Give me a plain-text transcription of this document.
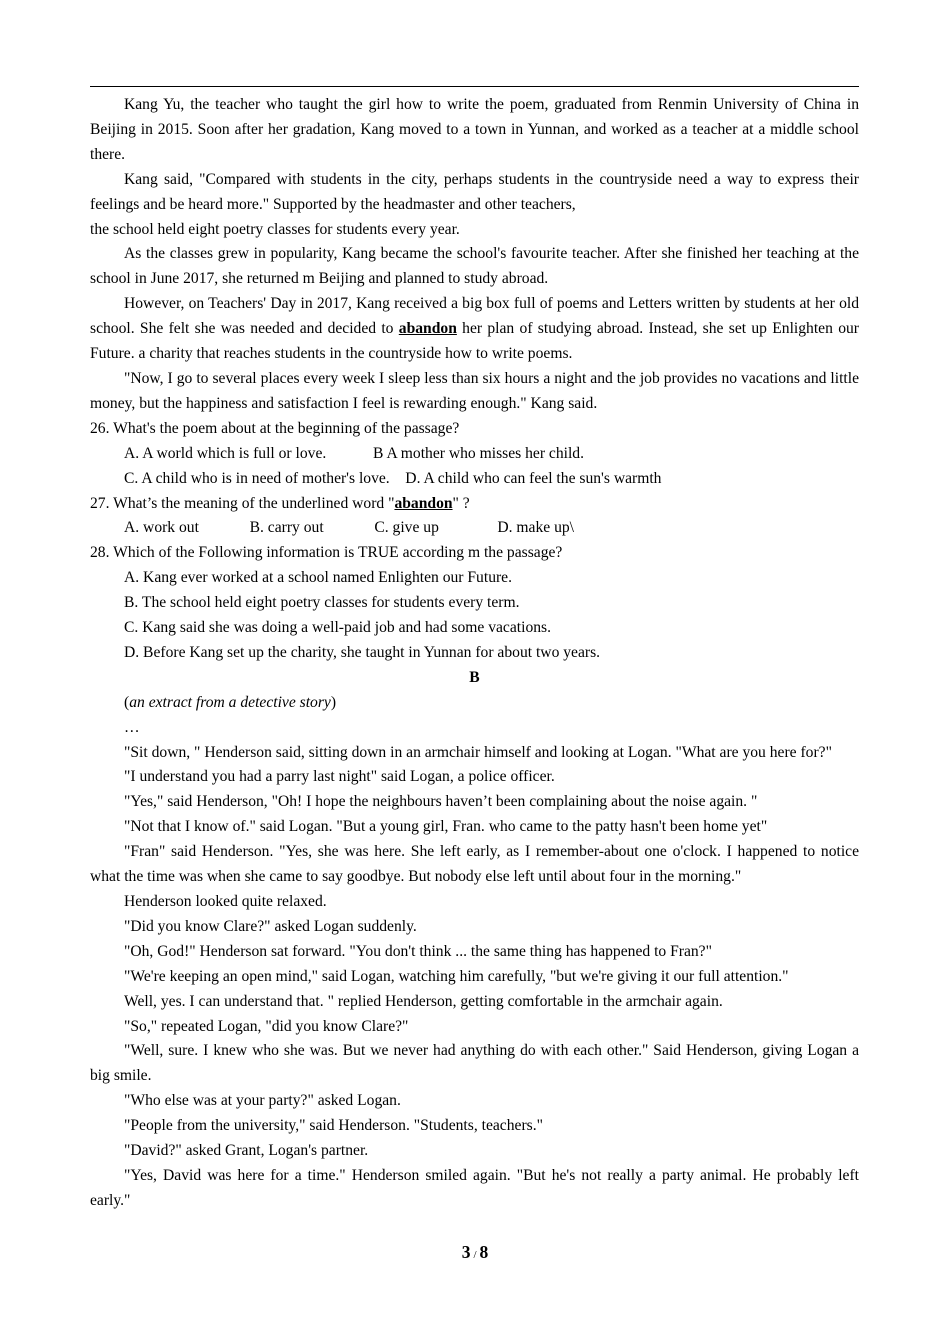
Kang Yu, the teacher who taught the girl how to write the poem, graduated from Renmin University of China in Beijing in 2015. Soon after her gradation, Kang moved to a town in Yunnan, and worked as a teacher at a middle school there.

Kang said, "Compared with students in the city, perhaps students in the countryside need a way to express their feelings and be heard more." Supported by the headmaster and other teachers,

the school held eight poetry classes for students every year.

As the classes grew in popularity, Kang became the school's favourite teacher. After she finished her teaching at the school in June 2017, she returned m Beijing and planned to study abroad.

However, on Teachers' Day in 2017, Kang received a big box full of poems and Letters written by students at her old school. She felt she was needed and decided to abandon her plan of studying abroad. Instead, she set up Enlighten our Future. a charity that reaches students in the countryside how to write poems.

"Now, I go to several places every week I sleep less than six hours a night and the job provides no vacations and little money, but the happiness and satisfaction I feel is rewarding enough." Kang said.

26. What's the poem about at the beginning of the passage?

A. A world which is full or love.            B A mother who misses her child.

C. A child who is in need of mother's love.    D. A child who can feel the sun's warmth

27. What’s the meaning of the underlined word "abandon" ?

A. work out             B. carry out             C. give up               D. make up\

28. Which of the Following information is TRUE according m the passage?

A. Kang ever worked at a school named Enlighten our Future.

B. The school held eight poetry classes for students every term.

C. Kang said she was doing a well-paid job and had some vacations.

D. Before Kang set up the charity, she taught in Yunnan for about two years.

B

(an extract from a detective story)

…

"Sit down, " Henderson said, sitting down in an armchair himself and looking at Logan. "What are you here for?"

"I understand you had a parry last night" said Logan, a police officer.

"Yes," said Henderson, "Oh! I hope the neighbours haven’t been complaining about the noise again. "

"Not that I know of." said Logan. "But a young girl, Fran. who came to the patty hasn't been home yet"

"Fran" said Henderson. "Yes, she was here. She left early, as I remember-about one o'clock. I happened to notice what the time was when she came to say goodbye. But nobody else left until about four in the morning."

Henderson looked quite relaxed.

"Did you know Clare?" asked Logan suddenly.

"Oh, God!" Henderson sat forward. "You don't think ... the same thing has happened to Fran?"

"We're keeping an open mind," said Logan, watching him carefully, "but we're giving it our full attention."

Well, yes. I can understand that. " replied Henderson, getting comfortable in the armchair again.

"So," repeated Logan, "did you know Clare?"

"Well, sure. I knew who she was. But we never had anything do with each other." Said Henderson, giving Logan a big smile.

"Who else was at your party?" asked Logan.

"People from the university," said Henderson. "Students, teachers."

"David?" asked Grant, Logan's partner.

"Yes, David was here for a time." Henderson smiled again. "But he's not really a party animal. He probably left early."

3 / 8
